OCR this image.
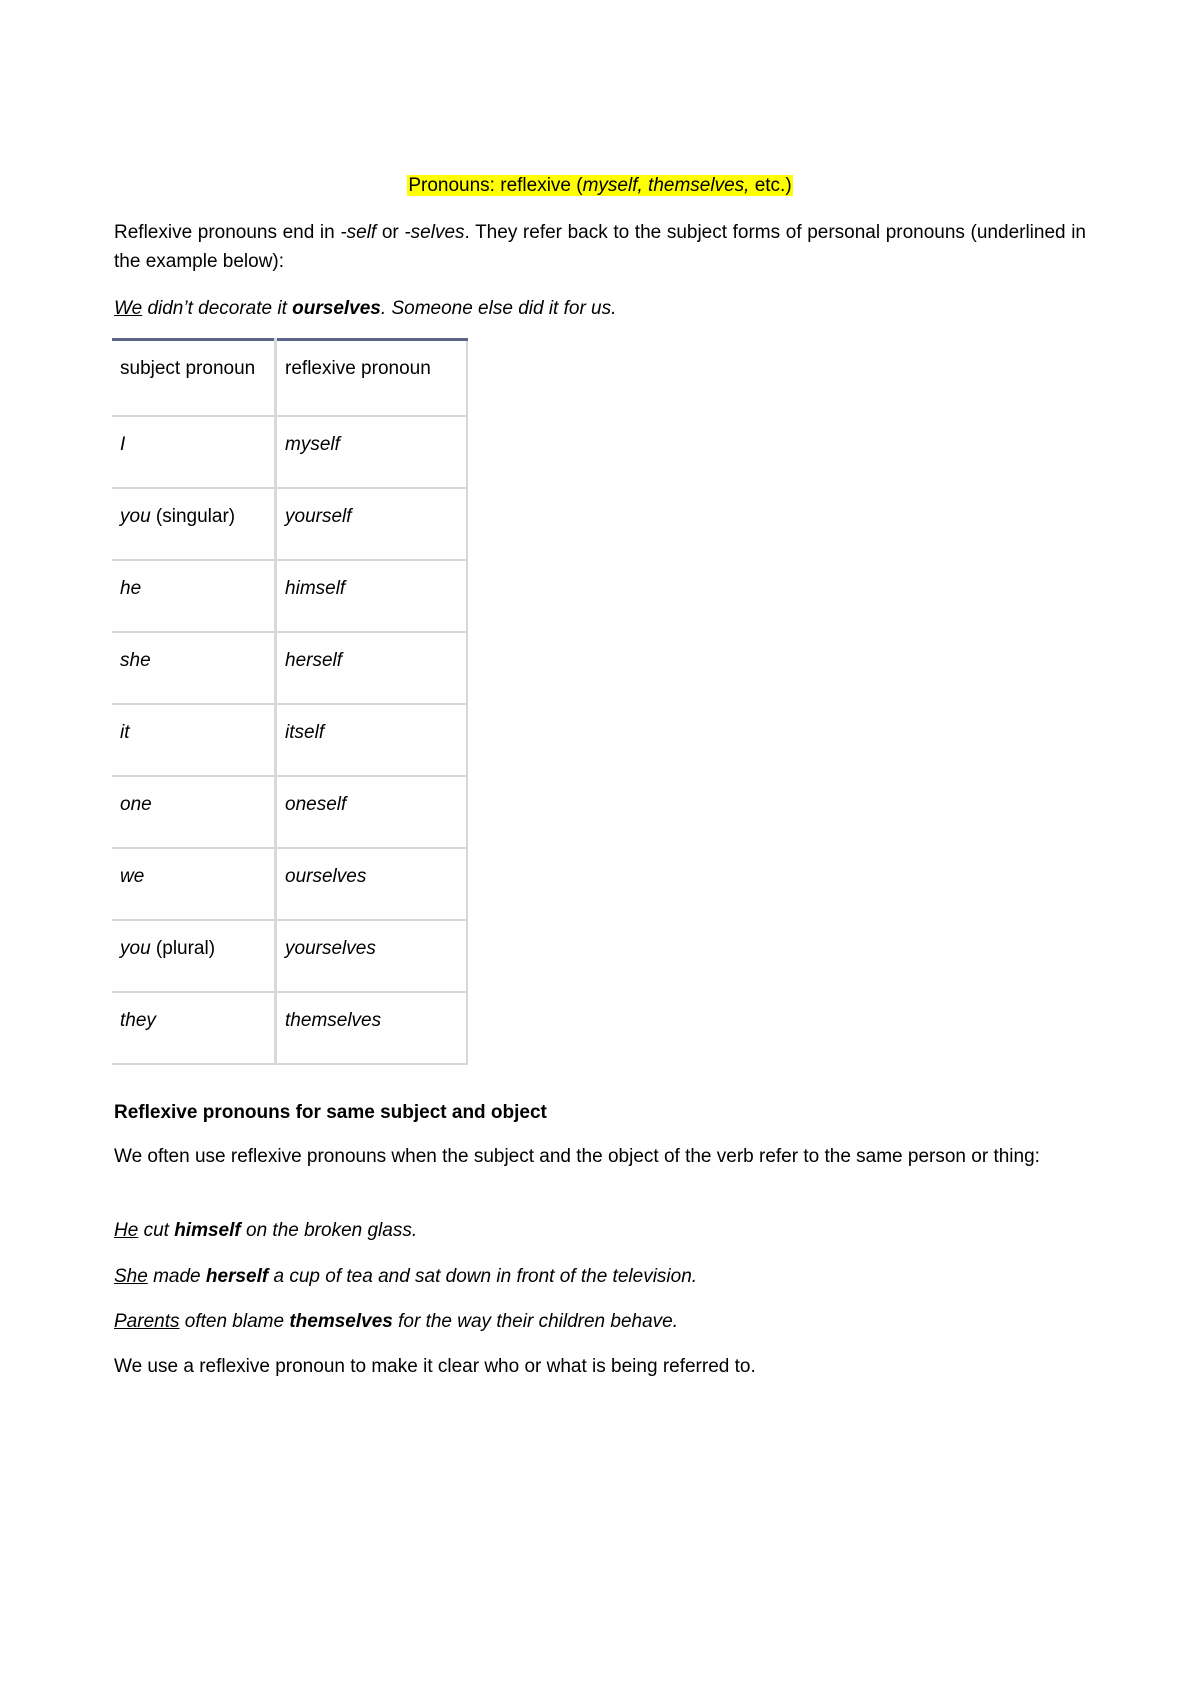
Pronouns: reflexive (myself, themselves, etc.)

Reflexive pronouns end in -self or -selves. They refer back to the subject forms of personal pronouns (underlined in the example below):

We didn’t decorate it ourselves. Someone else did it for us.

subject pronoun	reflexive pronoun
I	myself
you (singular)	yourself
he	himself
she	herself
it	itself
one	oneself
we	ourselves
you (plural)	yourselves
they	themselves

Reflexive pronouns for same subject and object

We often use reflexive pronouns when the subject and the object of the verb refer to the same person or thing:

He cut himself on the broken glass.

She made herself a cup of tea and sat down in front of the television.

Parents often blame themselves for the way their children behave.

We use a reflexive pronoun to make it clear who or what is being referred to.
